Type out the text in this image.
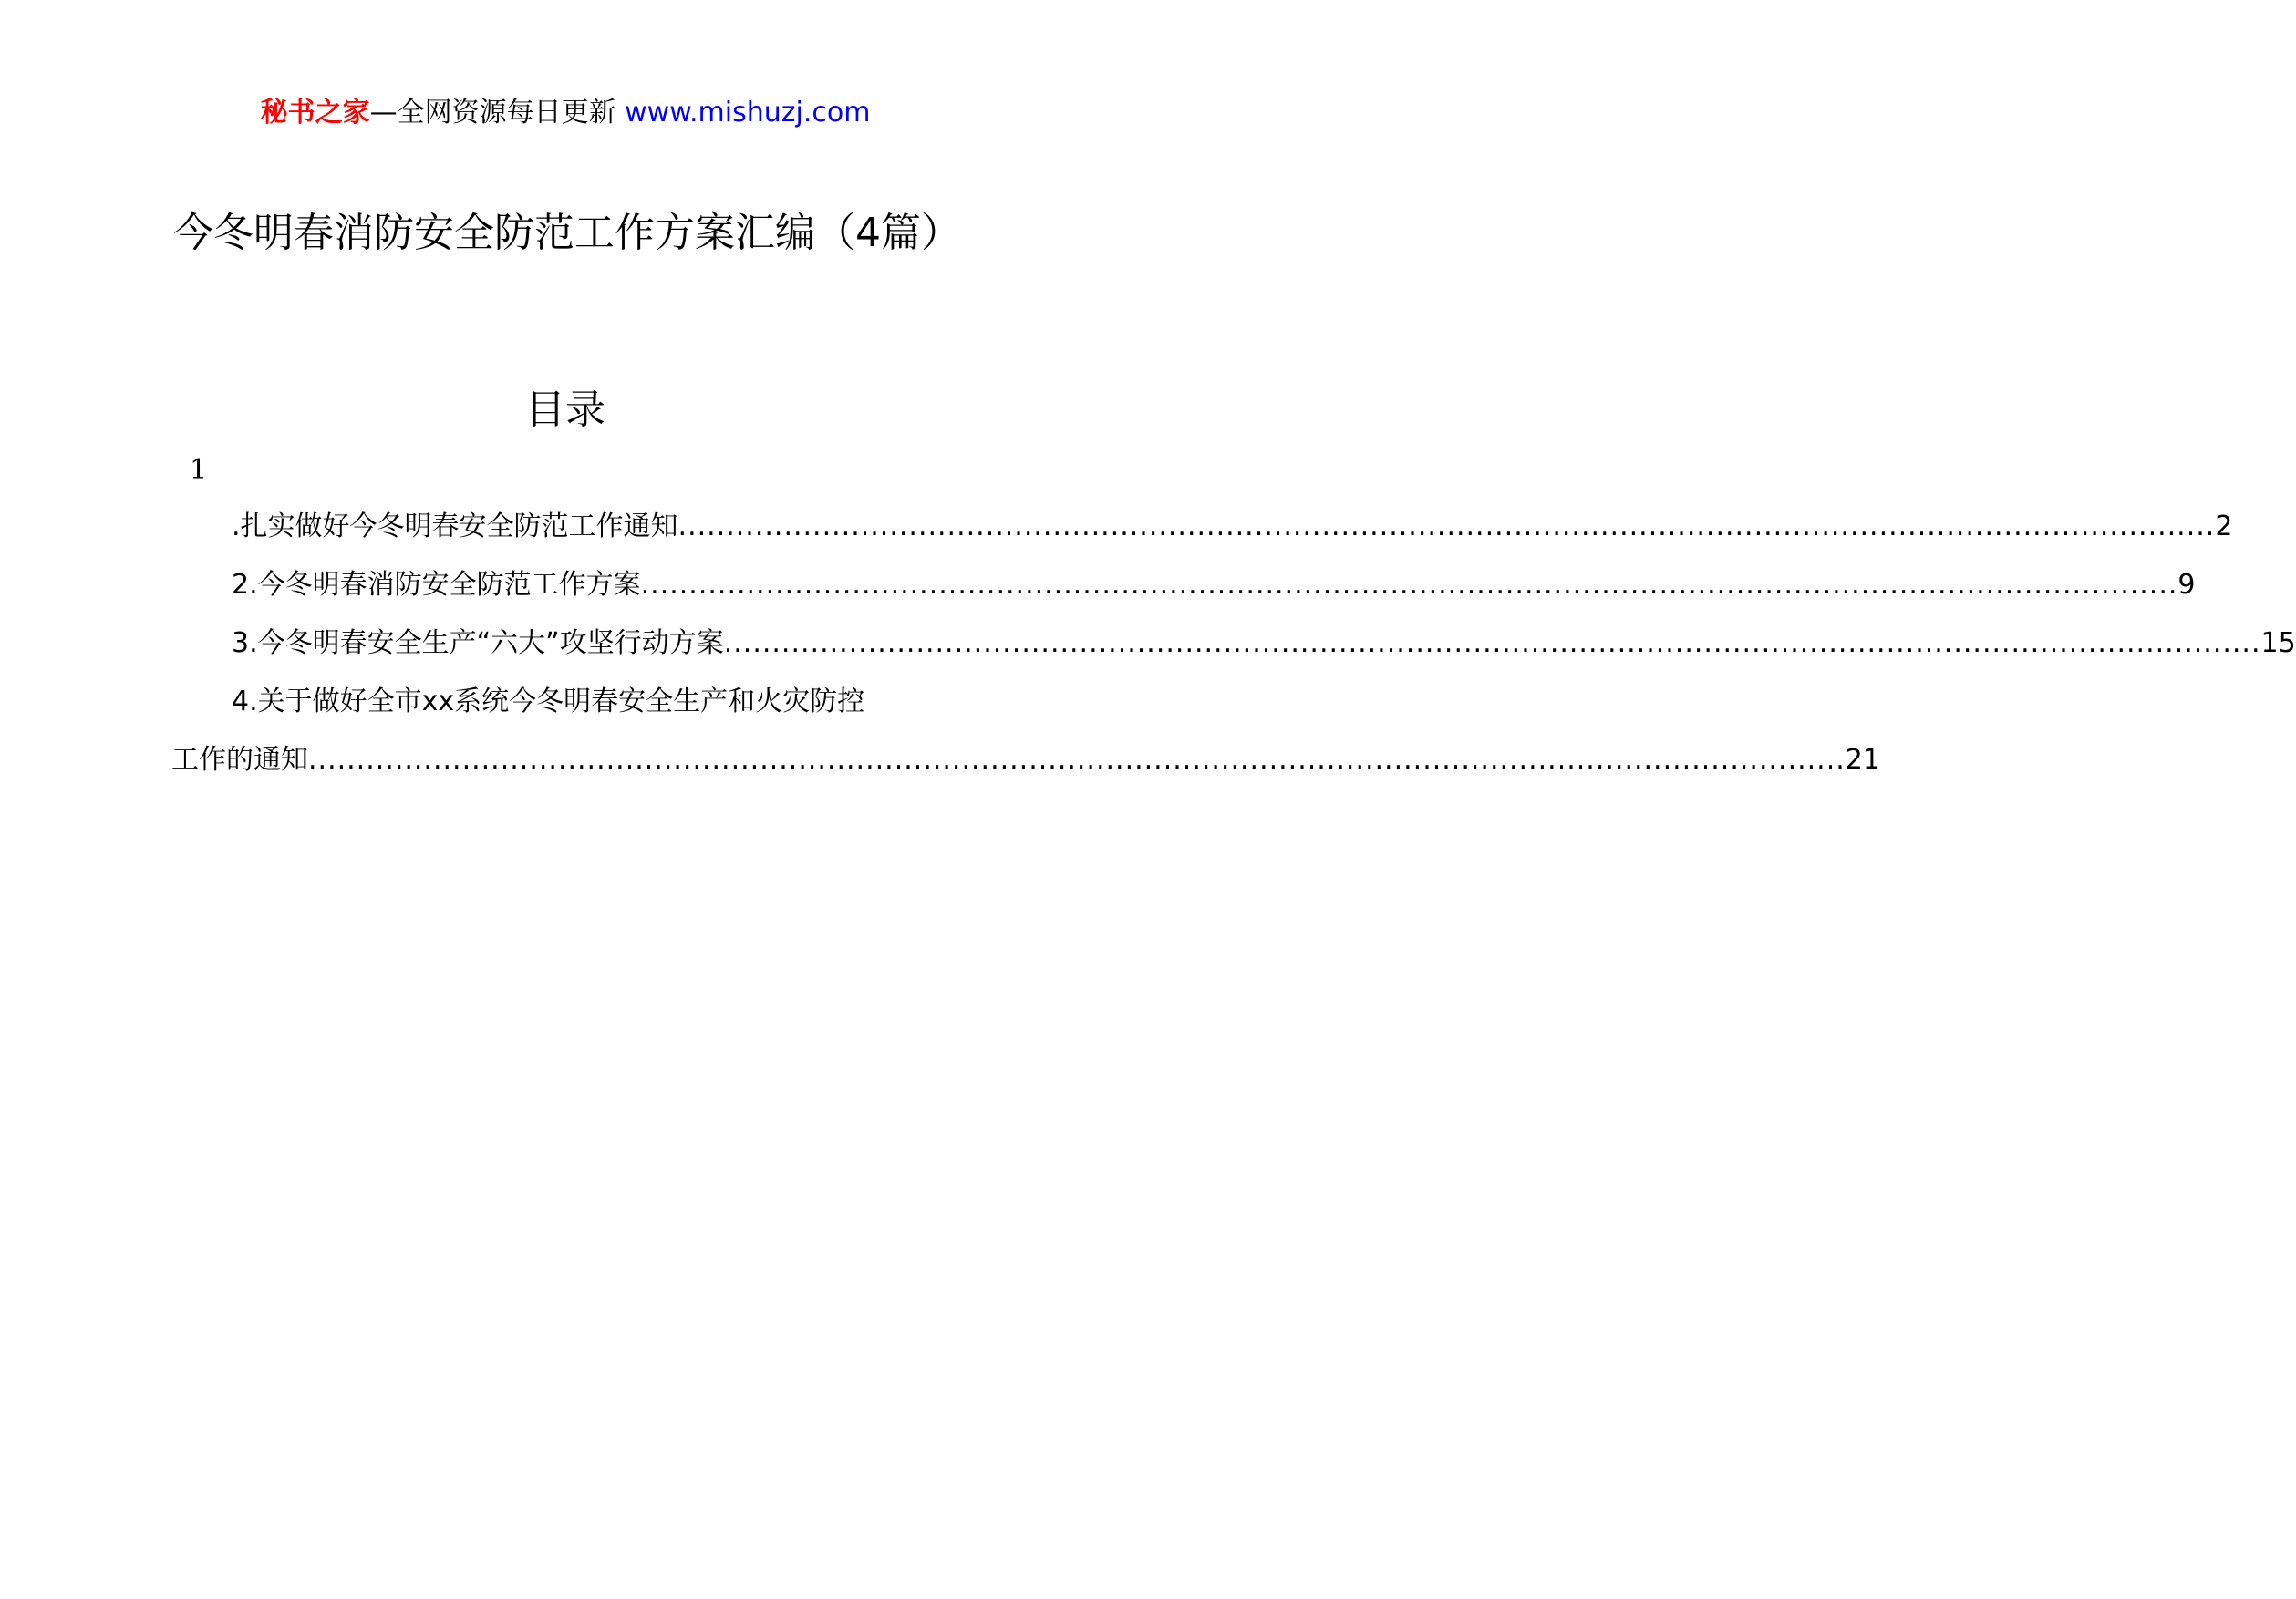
秘书之家—全网资源每日更新 www.mishuzj.com
今冬明春消防安全防范工作方案汇编（4篇）
目录
1
.扎实做好今冬明春安全防范工作通知 ................................................................................................................................................................ 2
2.今冬明春消防安全防范工作方案 ................................................................................................................................................................ 9
3.今冬明春安全生产“六大”攻坚行动方案 ................................................................................................................................................................ 15
4.关于做好全市xx系统今冬明春安全生产和火灾防控
工作的通知 ................................................................................................................................................................ 21
